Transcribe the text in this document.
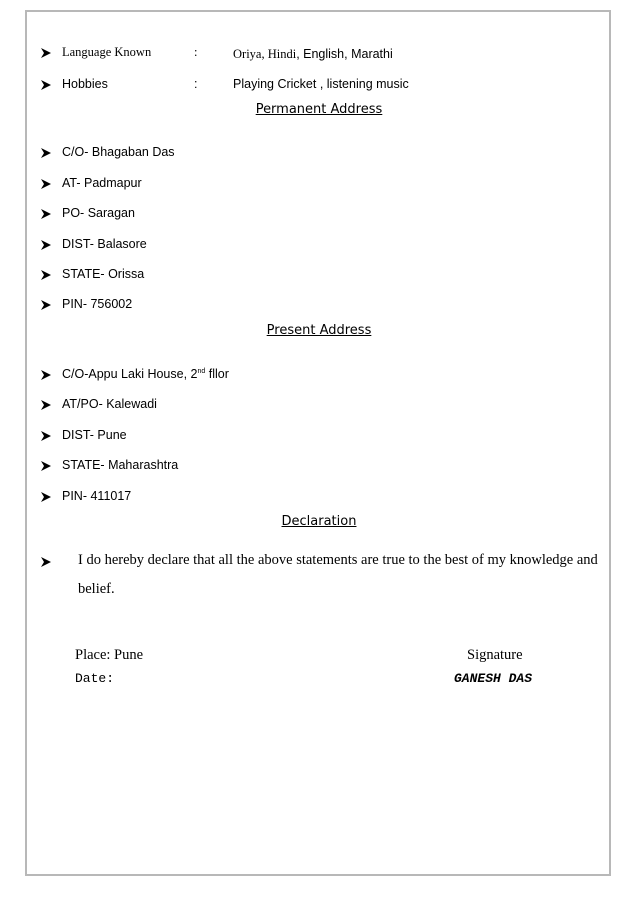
Language Known	:	Oriya, Hindi, English, Marathi
Hobbies	:	Playing Cricket , listening music
Permanent Address
C/O- Bhagaban Das
AT- Padmapur
PO- Saragan
DIST- Balasore
STATE- Orissa
PIN- 756002
Present Address
C/O-Appu Laki House, 2nd fllor
AT/PO- Kalewadi
DIST- Pune
STATE- Maharashtra
PIN- 411017
Declaration
I do hereby declare that all the above statements are true to the best of my knowledge and
belief.
Place: Pune
Date:
Signature
GANESH DAS
